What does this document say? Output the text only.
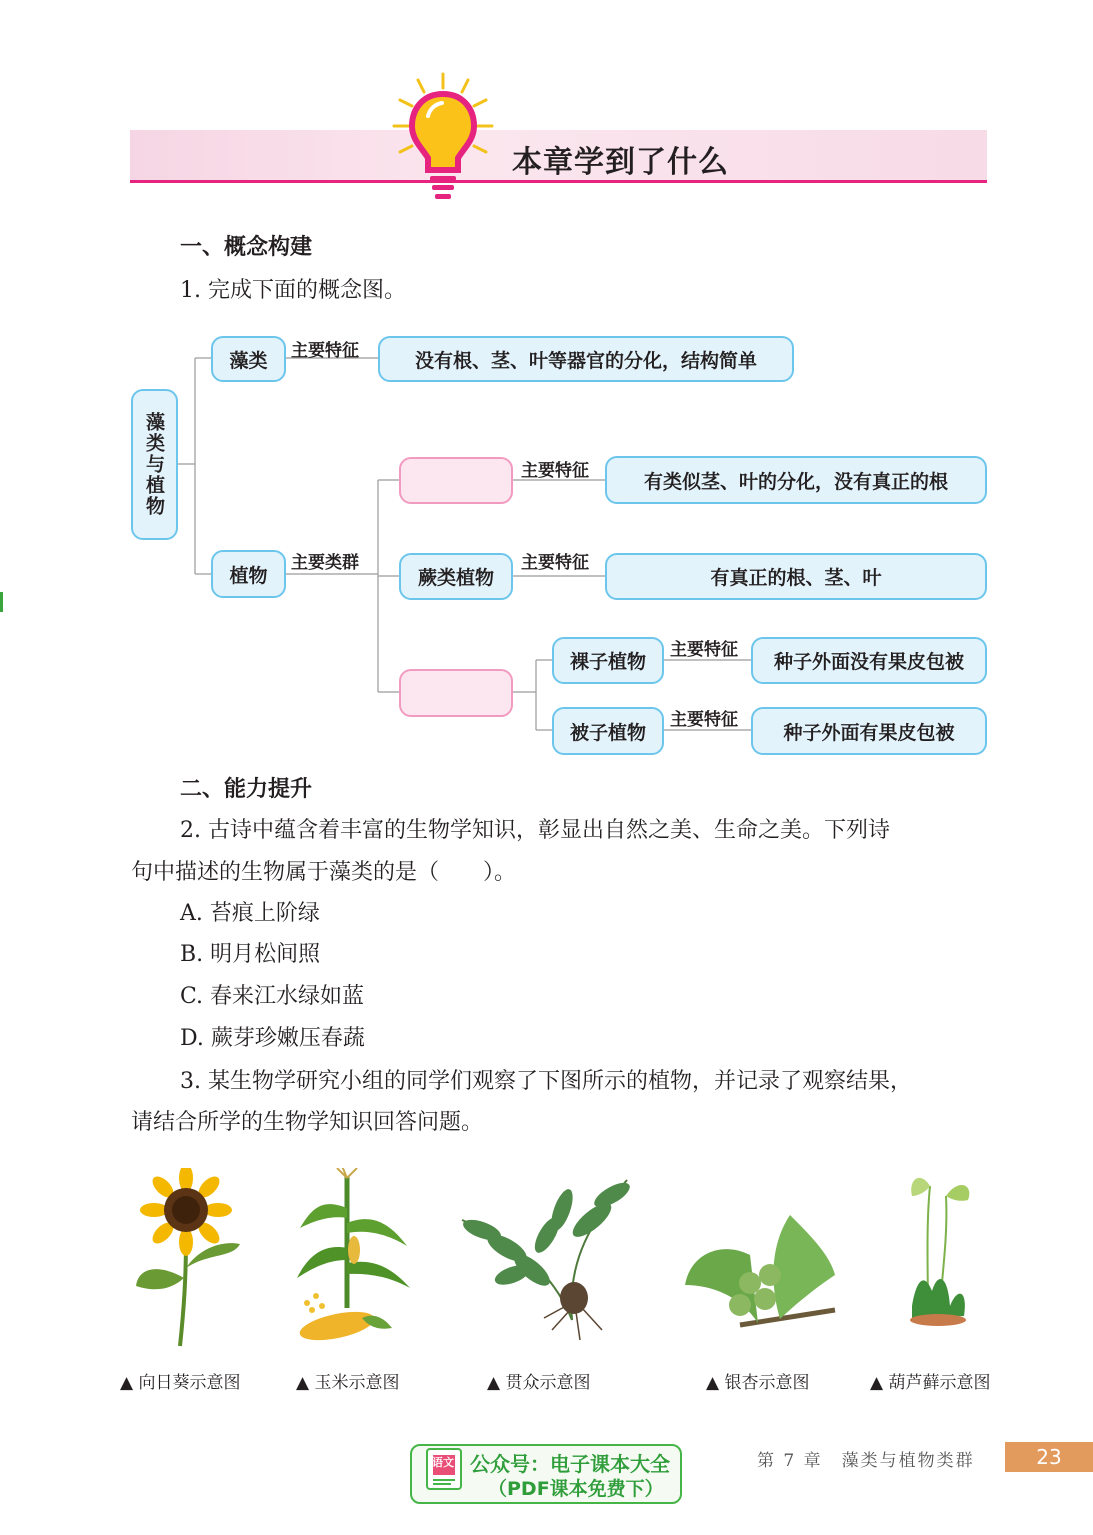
本章学到了什么
一、概念构建
1. 完成下面的概念图。
藻类与植物
藻类	主要特征	没有根、茎、叶等器官的分化，结构简单
植物
主要类群
主要特征	有类似茎、叶的分化，没有真正的根
蕨类植物
主要特征
有真正的根、茎、叶
裸子植物
主要特征
种子外面没有果皮包被
被子植物
主要特征
种子外面有果皮包被
二、能力提升
2. 古诗中蕴含着丰富的生物学知识，彰显出自然之美、生命之美。下列诗
句中描述的生物属于藻类的是（　　）。
A. 苔痕上阶绿
B. 明月松间照
C. 春来江水绿如蓝
D. 蕨芽珍嫩压春蔬
3. 某生物学研究小组的同学们观察了下图所示的植物，并记录了观察结果，
请结合所学的生物学知识回答问题。
▲ 向日葵示意图	▲ 玉米示意图	▲ 贯众示意图	▲ 银杏示意图	▲ 葫芦藓示意图
语文 公众号：电子课本大全
（PDF课本免费下）
第 7 章　藻类与植物类群	23
